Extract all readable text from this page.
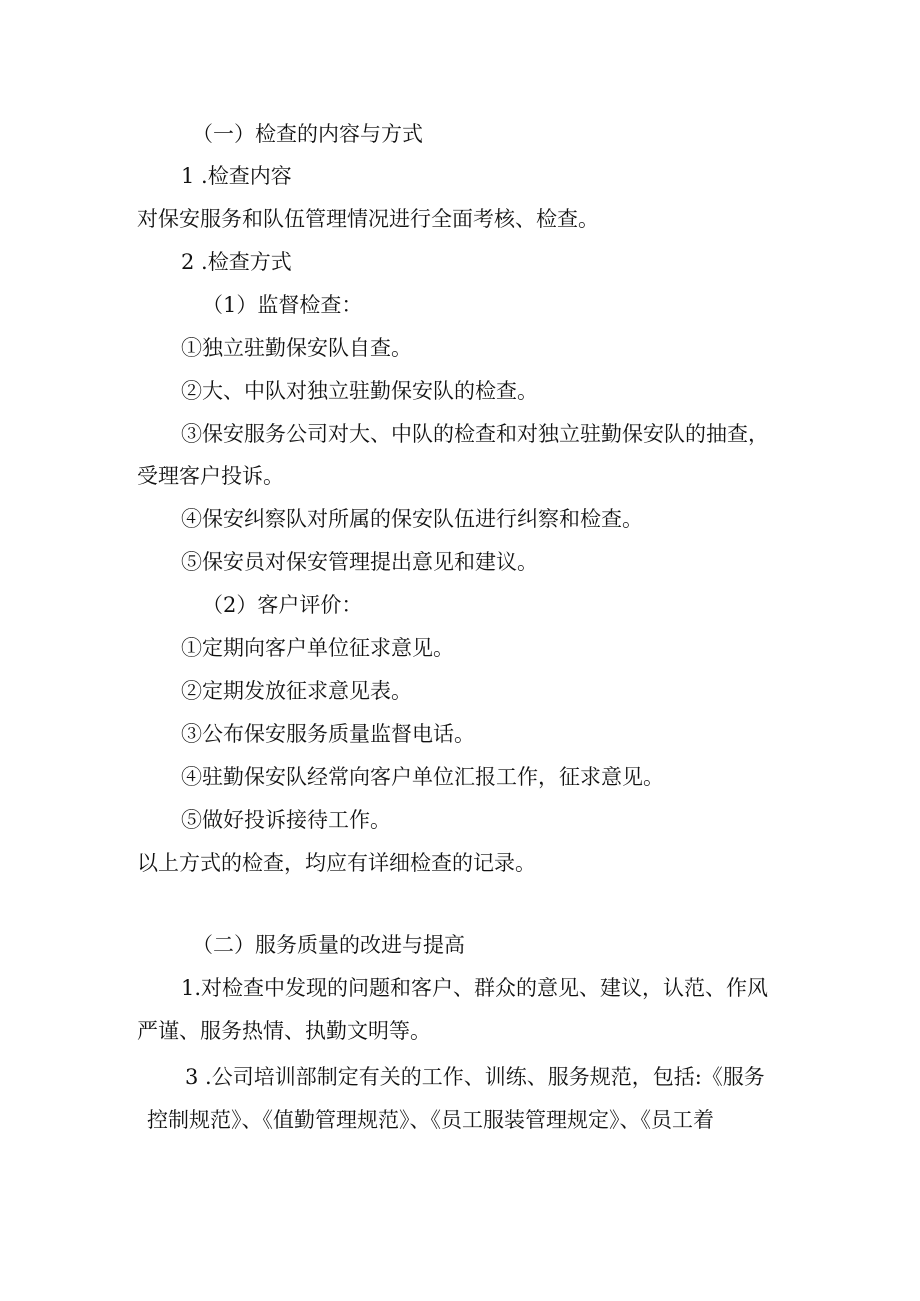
（一）检查的内容与方式
1 .检查内容
对保安服务和队伍管理情况进行全面考核、检查。
2 .检查方式
（1）监督检查：
①独立驻勤保安队自查。
②大、中队对独立驻勤保安队的检查。
③保安服务公司对大、中队的检查和对独立驻勤保安队的抽查，
受理客户投诉。
④保安纠察队对所属的保安队伍进行纠察和检查。
⑤保安员对保安管理提出意见和建议。
（2）客户评价：
①定期向客户单位征求意见。
②定期发放征求意见表。
③公布保安服务质量监督电话。
④驻勤保安队经常向客户单位汇报工作，征求意见。
⑤做好投诉接待工作。
以上方式的检查，均应有详细检查的记录。
（二）服务质量的改进与提高
1.对检查中发现的问题和客户、群众的意见、建议，认范、作风
严谨、服务热情、执勤文明等。
3 .公司培训部制定有关的工作、训练、服务规范，包括:《服务
控制规范》、《值勤管理规范》、《员工服装管理规定》、《员工着
